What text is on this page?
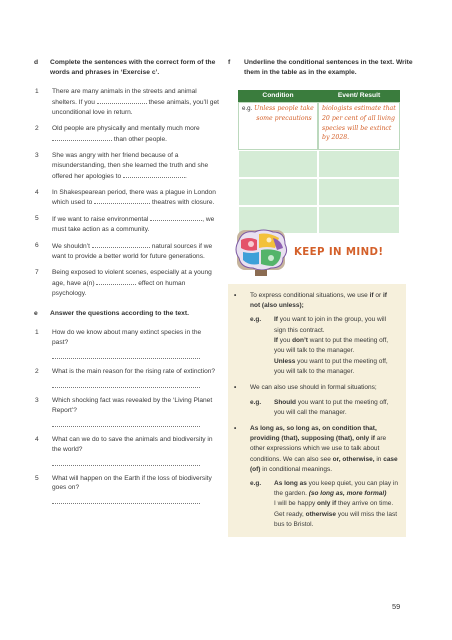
d	Complete the sentences with the correct form of the words and phrases in ‘Exercise c’.
1	There are many animals in the streets and animal shelters. If you	these animals, you’ll get unconditional love in return.
2	Old people are physically and mentally much more  than other people.
3	She was angry with her friend because of a misunderstanding, then she learned the truth and she offered her apologies to	.
4	In Shakespearean period, there was a plague in London which used to	theatres with closure.
5	If we want to raise environmental	, we must take action as a community.
6	We shouldn’t	natural sources if we want to provide a better world for future generations.
7	Being exposed to violent scenes, especially at a young age, have a(n)	effect on human psychology.
e	Answer the questions according to the text.
1	How do we know about many extinct species in the past?
2	What is the main reason for the rising rate of extinction?
3	Which shocking fact was revealed by the ‘Living Planet Report’?
4	What can we do to save the animals and biodiversity in the world?
5	What will happen on the Earth if the loss of biodiversity goes on?
f	Underline the conditional sentences in the text. Write them in the table as in the example.
Condition	Event/ Result

e.g. Unless people take some precautions	biologists estimate that 20 per cent of all living species will be extinct by 2028.

KEEP IN MIND!
•	To express conditional situations, we use if or if not (also unless);
e.g.	If you want to join in the group, you will sign this contract.
If you don’t want to put the meeting off, you will talk to the manager.
Unless you want to put the meeting off, you will talk to the manager.
•	We can also use should in formal situations;
e.g.	Should you want to put the meeting off, you will call the manager.
•	As long as, so long as, on condition that, providing (that), supposing (that), only if are other expressions which we use to talk about conditions. We can also see or, otherwise, in case (of) in conditional meanings.
e.g.	As long as you keep quiet, you can play in the garden. (so long as, more formal)
I will be happy only if they arrive on time.
Get ready, otherwise you will miss the last bus to Bristol.
59
